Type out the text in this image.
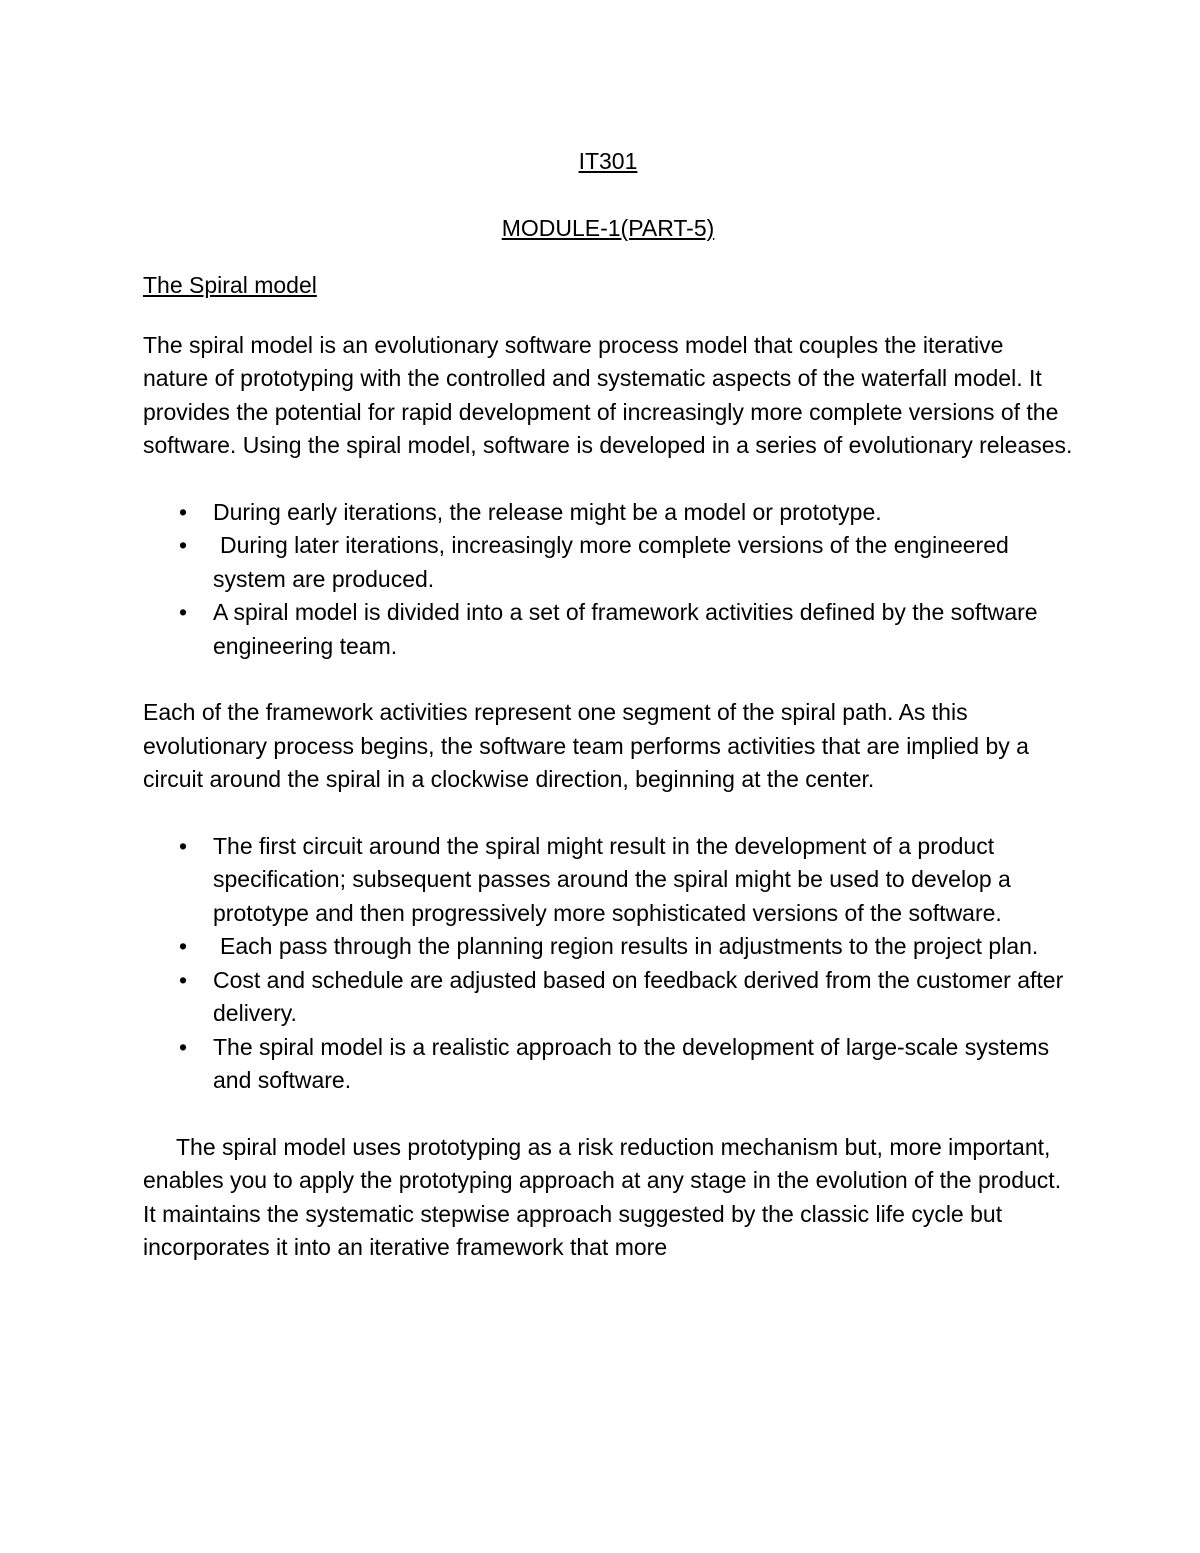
IT301

MODULE-1(PART-5)

The Spiral model

The spiral model is an evolutionary software process model that couples the iterative nature of prototyping with the controlled and systematic aspects of the waterfall model. It provides the potential for rapid development of increasingly more complete versions of the software. Using the spiral model, software is developed in a series of evolutionary releases.

• During early iterations, the release might be a model or prototype.
• During later iterations, increasingly more complete versions of the engineered system are produced.
• A spiral model is divided into a set of framework activities defined by the software engineering team.

Each of the framework activities represent one segment of the spiral path. As this evolutionary process begins, the software team performs activities that are implied by a circuit around the spiral in a clockwise direction, beginning at the center.

• The first circuit around the spiral might result in the development of a product specification; subsequent passes around the spiral might be used to develop a prototype and then progressively more sophisticated versions of the software.
• Each pass through the planning region results in adjustments to the project plan.
• Cost and schedule are adjusted based on feedback derived from the customer after delivery.
• The spiral model is a realistic approach to the development of large-scale systems and software.

The spiral model uses prototyping as a risk reduction mechanism but, more important, enables you to apply the prototyping approach at any stage in the evolution of the product. It maintains the systematic stepwise approach suggested by the classic life cycle but incorporates it into an iterative framework that more
